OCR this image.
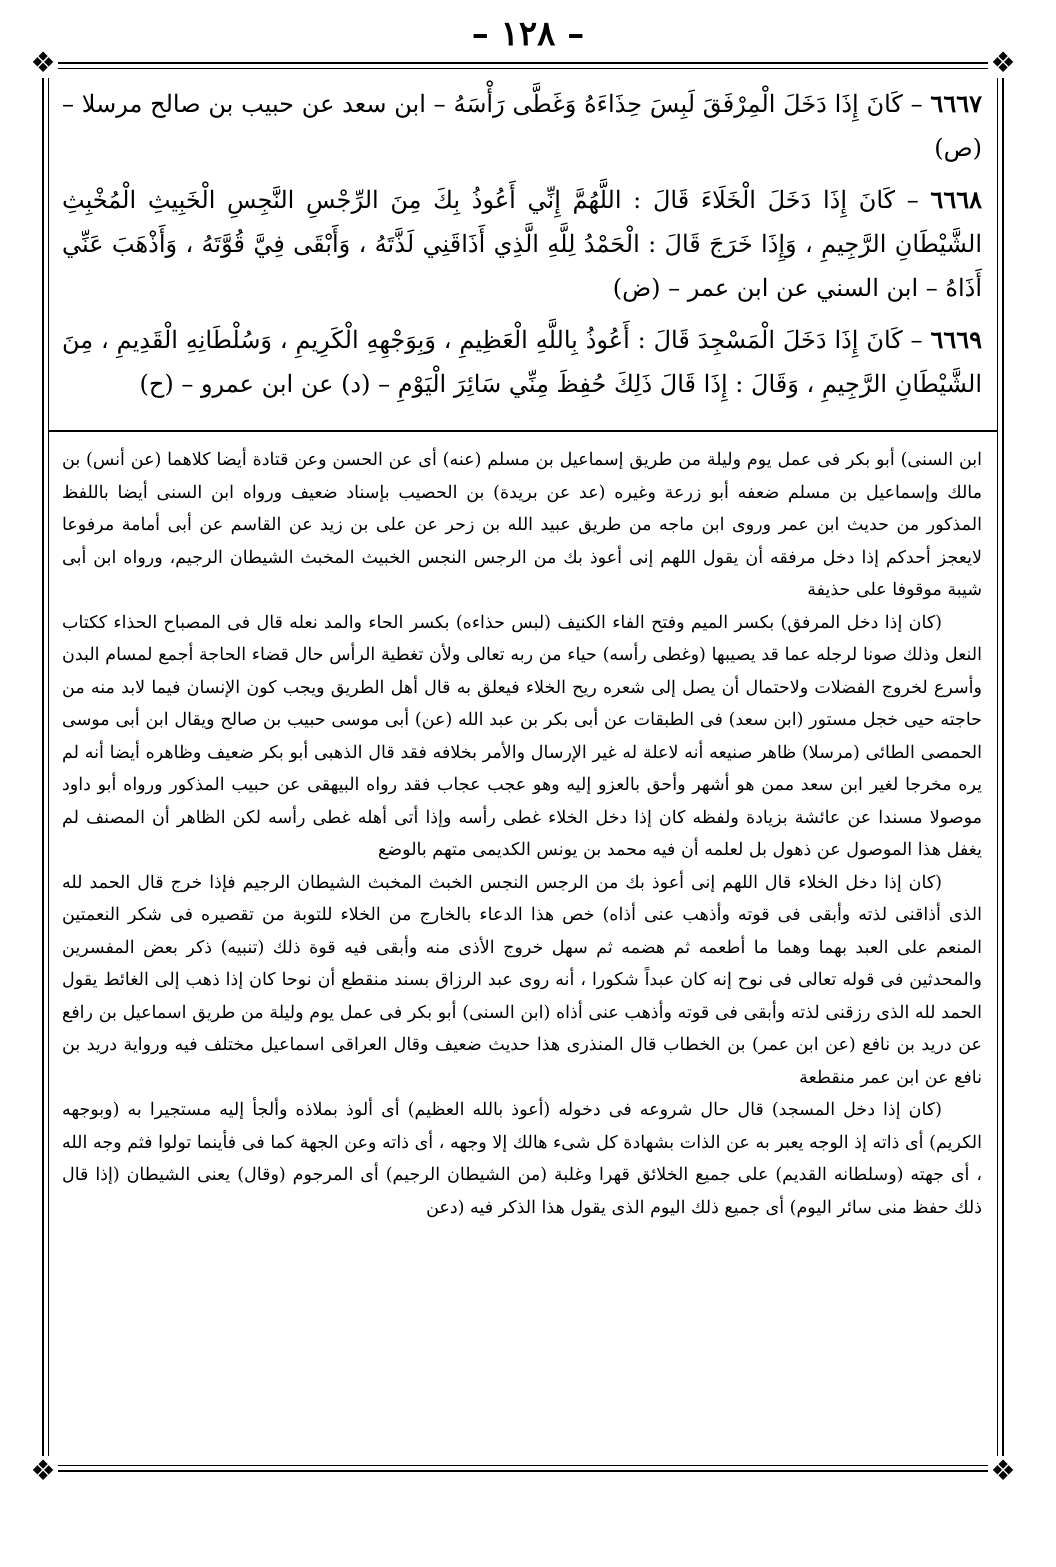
– ١٢٨ –
❖	❖
❖	❖

٦٦٦٧ – كَانَ إِذَا دَخَلَ الْمِرْفَقَ لَبِسَ حِذَاءَهُ وَغَطَّى رَأْسَهُ – ابن سعد عن حبيب بن صالح مرسلا – (ص)

٦٦٦٨ – كَانَ إِذَا دَخَلَ الْخَلَاءَ قَالَ : اللَّهُمَّ إِنِّي أَعُوذُ بِكَ مِنَ الرِّجْسِ النَّجِسِ الْخَبِيثِ الْمُخْبِثِ الشَّيْطَانِ الرَّجِيمِ ، وَإِذَا خَرَجَ قَالَ : الْحَمْدُ لِلَّهِ الَّذِي أَذَاقَنِي لَذَّتَهُ ، وَأَبْقَى فِيَّ قُوَّتَهُ ، وَأَذْهَبَ عَنِّي أَذَاهُ – ابن السني عن ابن عمر – (ض)

٦٦٦٩ – كَانَ إِذَا دَخَلَ الْمَسْجِدَ قَالَ : أَعُوذُ بِاللَّهِ الْعَظِيمِ ، وَبِوَجْهِهِ الْكَرِيمِ ، وَسُلْطَانِهِ الْقَدِيمِ ، مِنَ الشَّيْطَانِ الرَّجِيمِ ، وَقَالَ : إِذَا قَالَ ذَلِكَ حُفِظَ مِنِّي سَائِرَ الْيَوْمِ – (د) عن ابن عمرو – (ح)

ابن السنى) أبو بكر فى عمل يوم وليلة من طريق إسماعيل بن مسلم (عنه) أى عن الحسن وعن قتادة أيضا كلاهما (عن أنس) بن مالك وإسماعيل بن مسلم ضعفه أبو زرعة وغيره (عد عن بريدة) بن الحصيب بإسناد ضعيف ورواه ابن السنى أيضا باللفظ المذكور من حديث ابن عمر وروى ابن ماجه من طريق عبيد الله بن زحر عن على بن زيد عن القاسم عن أبى أمامة مرفوعا لايعجز أحدكم إذا دخل مرفقه أن يقول اللهم إنى أعوذ بك من الرجس النجس الخبيث المخبث الشيطان الرجيم، ورواه ابن أبى شيبة موقوفا على حذيفة

(كان إذا دخل المرفق) بكسر الميم وفتح الفاء الكنيف (لبس حذاءه) بكسر الحاء والمد نعله قال فى المصباح الحذاء ككتاب النعل وذلك صونا لرجله عما قد يصيبها (وغطى رأسه) حياء من ربه تعالى ولأن تغطية الرأس حال قضاء الحاجة أجمع لمسام البدن وأسرع لخروج الفضلات ولاحتمال أن يصل إلى شعره ريح الخلاء فيعلق به قال أهل الطريق ويجب كون الإنسان فيما لابد منه من حاجته حيى خجل مستور (ابن سعد) فى الطبقات عن أبى بكر بن عبد الله (عن) أبى موسى حبيب بن صالح ويقال ابن أبى موسى الحمصى الطائى (مرسلا) ظاهر صنيعه أنه لاعلة له غير الإرسال والأمر بخلافه فقد قال الذهبى أبو بكر ضعيف وظاهره أيضا أنه لم يره مخرجا لغير ابن سعد ممن هو أشهر وأحق بالعزو إليه وهو عجب عجاب فقد رواه البيهقى عن حبيب المذكور ورواه أبو داود موصولا مسندا عن عائشة بزيادة ولفظه كان إذا دخل الخلاء غطى رأسه وإذا أتى أهله غطى رأسه لكن الظاهر أن المصنف لم يغفل هذا الموصول عن ذهول بل لعلمه أن فيه محمد بن يونس الكديمى متهم بالوضع

(كان إذا دخل الخلاء قال اللهم إنى أعوذ بك من الرجس النجس الخبث المخبث الشيطان الرجيم فإذا خرج قال الحمد لله الذى أذاقنى لذته وأبقى فى قوته وأذهب عنى أذاه) خص هذا الدعاء بالخارج من الخلاء للتوبة من تقصيره فى شكر النعمتين المنعم على العبد بهما وهما ما أطعمه ثم هضمه ثم سهل خروج الأذى منه وأبقى فيه قوة ذلك (تنبيه) ذكر بعض المفسرين والمحدثين فى قوله تعالى فى نوح إنه كان عبداً شكورا ، أنه روى عبد الرزاق بسند منقطع أن نوحا كان إذا ذهب إلى الغائط يقول الحمد لله الذى رزقنى لذته وأبقى فى قوته وأذهب عنى أذاه (ابن السنى) أبو بكر فى عمل يوم وليلة من طريق اسماعيل بن رافع عن دريد بن نافع (عن ابن عمر) بن الخطاب قال المنذرى هذا حديث ضعيف وقال العراقى اسماعيل مختلف فيه ورواية دريد بن نافع عن ابن عمر منقطعة

(كان إذا دخل المسجد) قال حال شروعه فى دخوله (أعوذ بالله العظيم) أى ألوذ بملاذه وألجأ إليه مستجيرا به (وبوجهه الكريم) أى ذاته إذ الوجه يعبر به عن الذات بشهادة كل شىء هالك إلا وجهه ، أى ذاته وعن الجهة كما فى فأينما تولوا فثم وجه الله ، أى جهته (وسلطانه القديم) على جميع الخلائق قهرا وغلبة (من الشيطان الرجيم) أى المرجوم (وقال) يعنى الشيطان (إذا قال ذلك حفظ منى سائر اليوم) أى جميع ذلك اليوم الذى يقول هذا الذكر فيه (دعن
